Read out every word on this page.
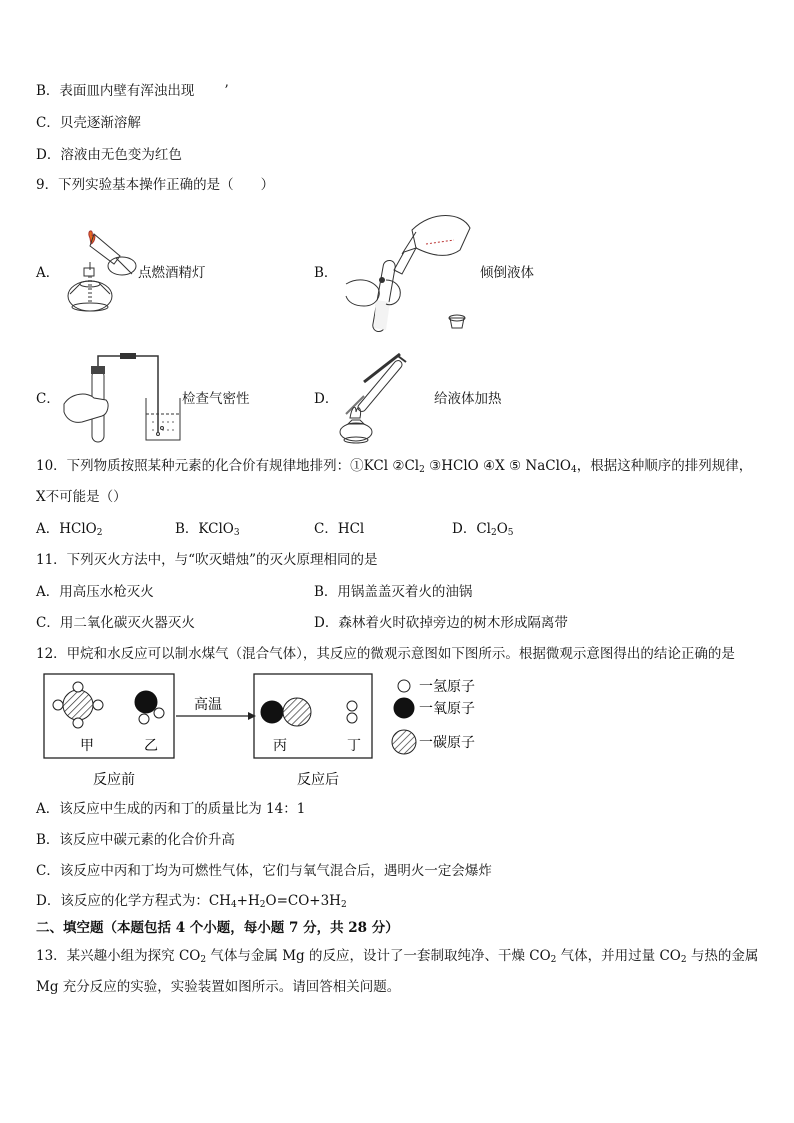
B．表面皿内壁有浑浊出现 ’
C．贝壳逐渐溶解
D．溶液由无色变为红色
9．下列实验基本操作正确的是（　　）
A．	点燃酒精灯	B．	倾倒液体
C．	检查气密性	D．	给液体加热
10．下列物质按照某种元素的化合价有规律地排列：①KCl $②Cl_2$ ③HClO ④X ⑤ NaClO$_4$，根据这种顺序的排列规律，
X不可能是（）
A．HClO$_2$	B．KClO$_3$	C．HCl	D．$Cl_2O_5$
11．下列灭火方法中，与“吹灭蜡烛”的灭火原理相同的是
A．用高压水枪灭火	B．用锅盖盖灭着火的油锅
C．用二氧化碳灭火器灭火	D．森林着火时砍掉旁边的树木形成隔离带
12．甲烷和水反应可以制水煤气（混合气体），其反应的微观示意图如下图所示。根据微观示意图得出的结论正确的是
甲	乙
高温
丙	丁
反应前	反应后
一氢原子
一氧原子
一碳原子
A．该反应中生成的丙和丁的质量比为 14：1
B．该反应中碳元素的化合价升高
C．该反应中丙和丁均为可燃性气体，它们与氧气混合后，遇明火一定会爆炸
D．该反应的化学方程式为：$CH_4+H_2O=CO+3H_2$
二、填空题（本题包括 4 个小题，每小题 7 分，共 28 分）
13．某兴趣小组为探究 $CO_2$ 气体与金属 Mg 的反应，设计了一套制取纯净、干燥 $CO_2$ 气体，并用过量 $CO_2$ 与热的金属
Mg 充分反应的实验，实验装置如图所示。请回答相关问题。
